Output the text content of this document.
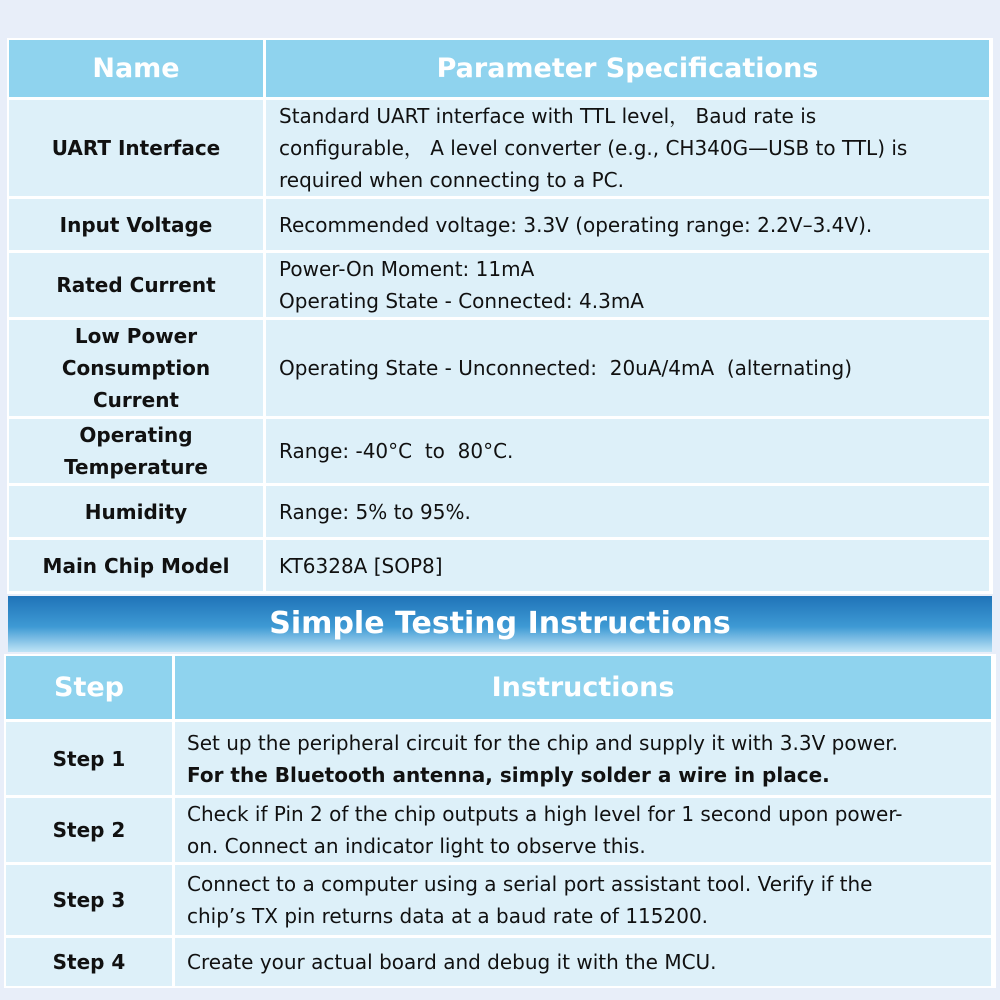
Name	Parameter Specifications
UART Interface	Standard UART interface with TTL level， Baud rate is
configurable， A level converter (e.g., CH340G—USB to TTL) is
required when connecting to a PC.

Input Voltage	Recommended voltage: 3.3V (operating range: 2.2V–3.4V).

Rated Current	Power-On Moment: 11mA
Operating State - Connected: 4.3mA

Low Power
Consumption
Current	Operating State - Unconnected:  20uA/4mA  (alternating)

Operating
Temperature	Range: -40°C  to  80°C.

Humidity	Range: 5% to 95%.

Main Chip Model	KT6328A [SOP8]
Simple Testing Instructions
Step	Instructions
Step 1	Set up the peripheral circuit for the chip and supply it with 3.3V power.
For the Bluetooth antenna, simply solder a wire in place.

Step 2	Check if Pin 2 of the chip outputs a high level for 1 second upon power-
on. Connect an indicator light to observe this.

Step 3	Connect to a computer using a serial port assistant tool. Verify if the
chip’s TX pin returns data at a baud rate of 115200.

Step 4	Create your actual board and debug it with the MCU.
